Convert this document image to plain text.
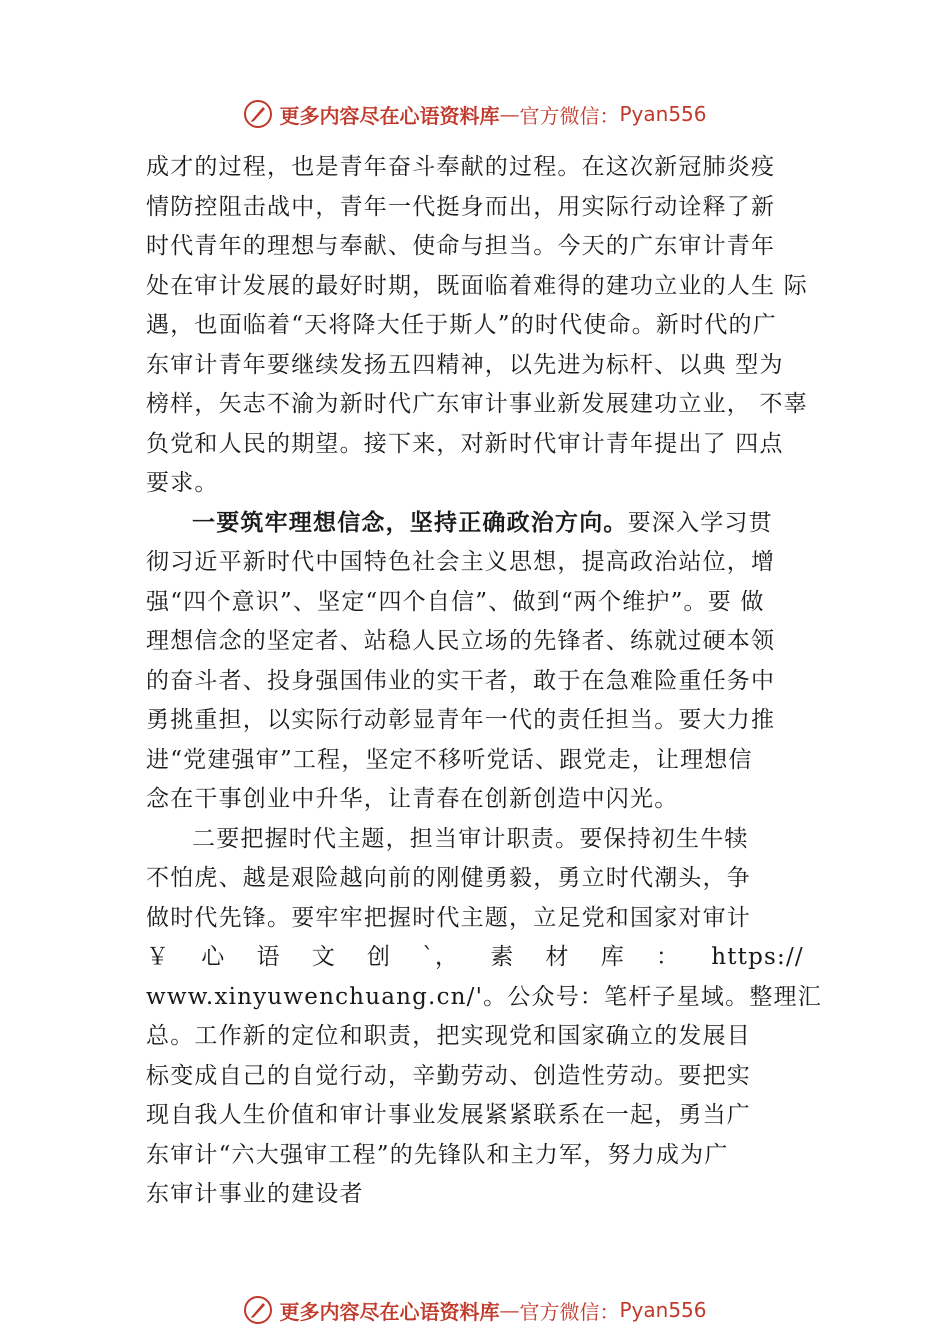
更多内容尽在心语资料库 — 官方微信： Pyan556
成才的过程，也是青年奋斗奉献的过程。在这次新冠肺炎疫
情防控阻击战中，青年一代挺身而出，用实际行动诠释了新
时代青年的理想与奉献、使命与担当。今天的广东审计青年
处在审计发展的最好时期，既面临着难得的建功立业的人生 际
遇，也面临着“天将降大任于斯人”的时代使命。新时代的广
东审计青年要继续发扬五四精神，以先进为标杆、以典 型为
榜样，矢志不渝为新时代广东审计事业新发展建功立业， 不辜
负党和人民的期望。接下来，对新时代审计青年提出了 四点
要求。
一要筑牢理想信念，坚持正确政治方向。要深入学习贯
彻习近平新时代中国特色社会主义思想，提高政治站位，增
强“四个意识”、坚定“四个自信”、做到“两个维护”。要 做
理想信念的坚定者、站稳人民立场的先锋者、练就过硬本领
的奋斗者、投身强国伟业的实干者，敢于在急难险重任务中
勇挑重担，以实际行动彰显青年一代的责任担当。要大力推
进“党建强审”工程，坚定不移听党话、跟党走，让理想信
念在干事创业中升华，让青春在创新创造中闪光。
二要把握时代主题，担当审计职责。要保持初生牛犊
不怕虎、越是艰险越向前的刚健勇毅，勇立时代潮头，争
做时代先锋。要牢牢把握时代主题，立足党和国家对审计
￥ 心 语 文 创 `， 素 材 库 ： https://
www.xinyuwenchuang.cn/'。公众号：笔杆子星域。整理汇
总。工作新的定位和职责，把实现党和国家确立的发展目
标变成自己的自觉行动，辛勤劳动、创造性劳动。要把实
现自我人生价值和审计事业发展紧紧联系在一起，勇当广
东审计“六大强审工程”的先锋队和主力军，努力成为广
东审计事业的建设者
更多内容尽在心语资料库 — 官方微信： Pyan556
